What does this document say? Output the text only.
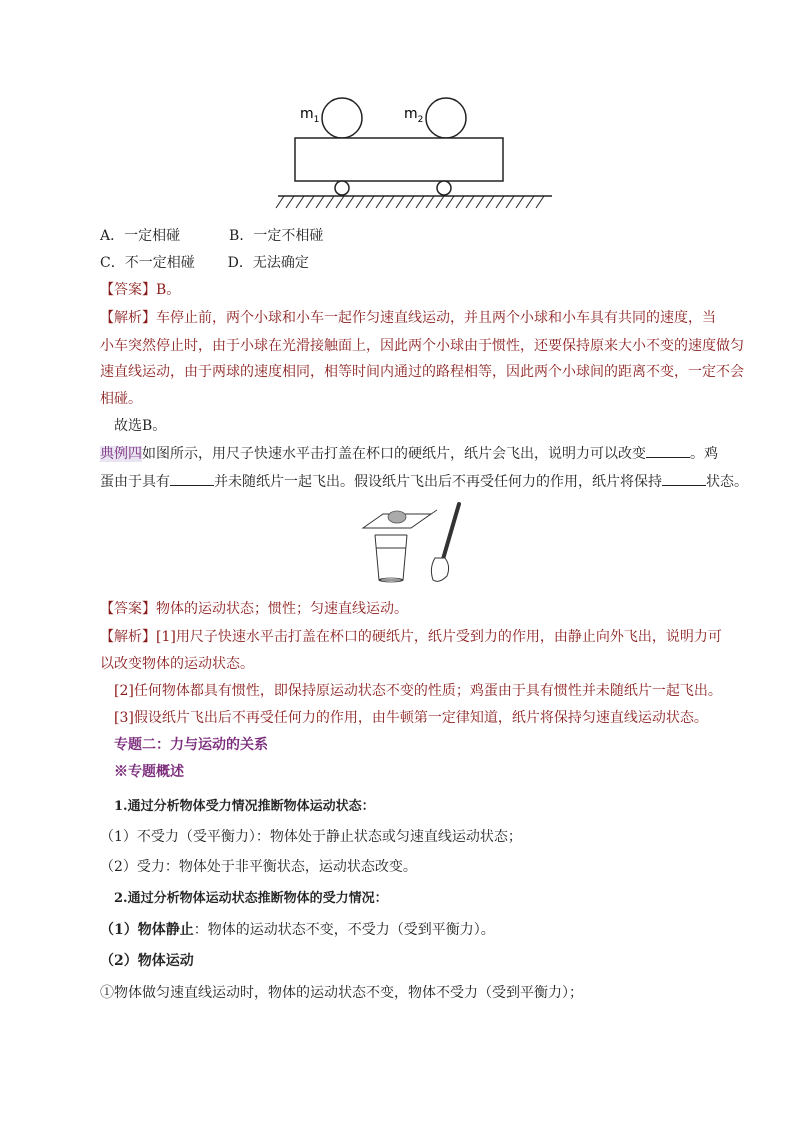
$m_1$	$m_2$
A．一定相碰	B．一定不相碰
C．不一定相碰 D．无法确定
【答案】B。
【解析】车停止前，两个小球和小车一起作匀速直线运动，并且两个小球和小车具有共同的速度，当
小车突然停止时，由于小球在光滑接触面上，因此两个小球由于惯性，还要保持原来大小不变的速度做匀
速直线运动，由于两球的速度相同，相等时间内通过的路程相等，因此两个小球间的距离不变，一定不会
相碰。
故选B。
典例四如图所示，用尺子快速水平击打盖在杯口的硬纸片，纸片会飞出，说明力可以改变	。鸡
蛋由于具有	并未随纸片一起飞出。假设纸片飞出后不再受任何力的作用，纸片将保持	状态。
【答案】物体的运动状态；惯性；匀速直线运动。
【解析】[1]用尺子快速水平击打盖在杯口的硬纸片，纸片受到力的作用，由静止向外飞出，说明力可
以改变物体的运动状态。
[2]任何物体都具有惯性，即保持原运动状态不变的性质；鸡蛋由于具有惯性并未随纸片一起飞出。
[3]假设纸片飞出后不再受任何力的作用，由牛顿第一定律知道，纸片将保持匀速直线运动状态。
专题二：力与运动的关系
※专题概述
1.通过分析物体受力情况推断物体运动状态：
（1）不受力（受平衡力）：物体处于静止状态或匀速直线运动状态；
（2）受力：物体处于非平衡状态，运动状态改变。
2.通过分析物体运动状态推断物体的受力情况：
（1）物体静止：物体的运动状态不变，不受力（受到平衡力）。
（2）物体运动
①物体做匀速直线运动时，物体的运动状态不变，物体不受力（受到平衡力）；
